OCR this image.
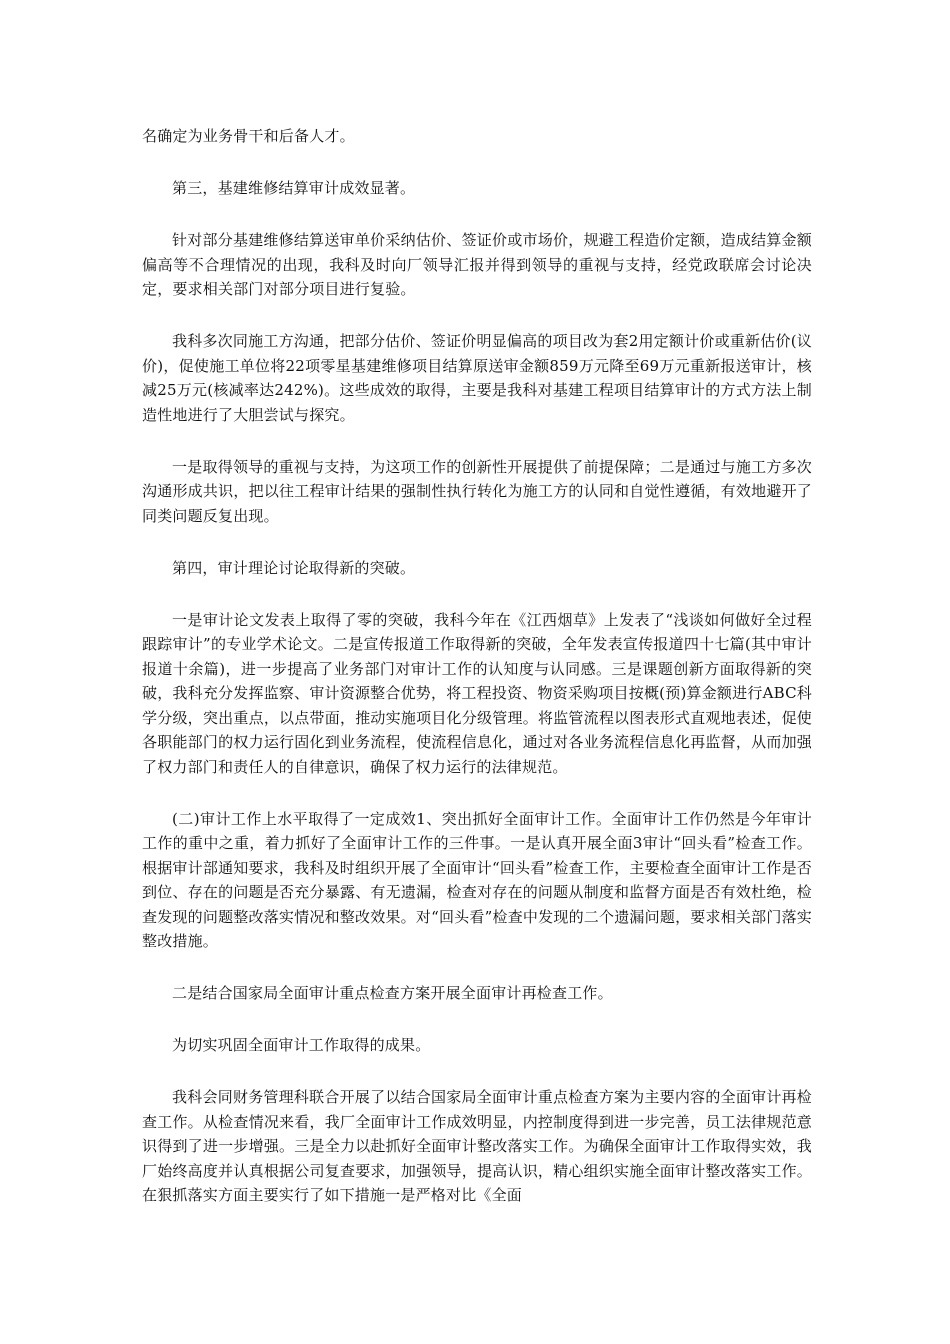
名确定为业务骨干和后备人才。

第三，基建维修结算审计成效显著。

针对部分基建维修结算送审单价采纳估价、签证价或市场价，规避工程造价定额，造成结算金额偏高等不合理情况的出现，我科及时向厂领导汇报并得到领导的重视与支持，经党政联席会讨论决定，要求相关部门对部分项目进行复验。

我科多次同施工方沟通，把部分估价、签证价明显偏高的项目改为套2用定额计价或重新估价(议价)，促使施工单位将22项零星基建维修项目结算原送审金额859万元降至69万元重新报送审计，核减25万元(核减率达242%)。这些成效的取得，主要是我科对基建工程项目结算审计的方式方法上制造性地进行了大胆尝试与探究。

一是取得领导的重视与支持，为这项工作的创新性开展提供了前提保障；二是通过与施工方多次沟通形成共识，把以往工程审计结果的强制性执行转化为施工方的认同和自觉性遵循，有效地避开了同类问题反复出现。

第四，审计理论讨论取得新的突破。

一是审计论文发表上取得了零的突破，我科今年在《江西烟草》上发表了“浅谈如何做好全过程跟踪审计”的专业学术论文。二是宣传报道工作取得新的突破，全年发表宣传报道四十七篇(其中审计报道十余篇)，进一步提高了业务部门对审计工作的认知度与认同感。三是课题创新方面取得新的突破，我科充分发挥监察、审计资源整合优势，将工程投资、物资采购项目按概(预)算金额进行ABC科学分级，突出重点，以点带面，推动实施项目化分级管理。将监管流程以图表形式直观地表述，促使各职能部门的权力运行固化到业务流程，使流程信息化，通过对各业务流程信息化再监督，从而加强了权力部门和责任人的自律意识，确保了权力运行的法律规范。

(二)审计工作上水平取得了一定成效1、突出抓好全面审计工作。全面审计工作仍然是今年审计工作的重中之重，着力抓好了全面审计工作的三件事。一是认真开展全面3审计“回头看”检查工作。根据审计部通知要求，我科及时组织开展了全面审计“回头看”检查工作，主要检查全面审计工作是否到位、存在的问题是否充分暴露、有无遗漏，检查对存在的问题从制度和监督方面是否有效杜绝，检查发现的问题整改落实情况和整改效果。对“回头看”检查中发现的二个遗漏问题，要求相关部门落实整改措施。

二是结合国家局全面审计重点检查方案开展全面审计再检查工作。

为切实巩固全面审计工作取得的成果。

我科会同财务管理科联合开展了以结合国家局全面审计重点检查方案为主要内容的全面审计再检查工作。从检查情况来看，我厂全面审计工作成效明显，内控制度得到进一步完善，员工法律规范意识得到了进一步增强。三是全力以赴抓好全面审计整改落实工作。为确保全面审计工作取得实效，我厂始终高度并认真根据公司复查要求，加强领导，提高认识，精心组织实施全面审计整改落实工作。在狠抓落实方面主要实行了如下措施一是严格对比《全面
